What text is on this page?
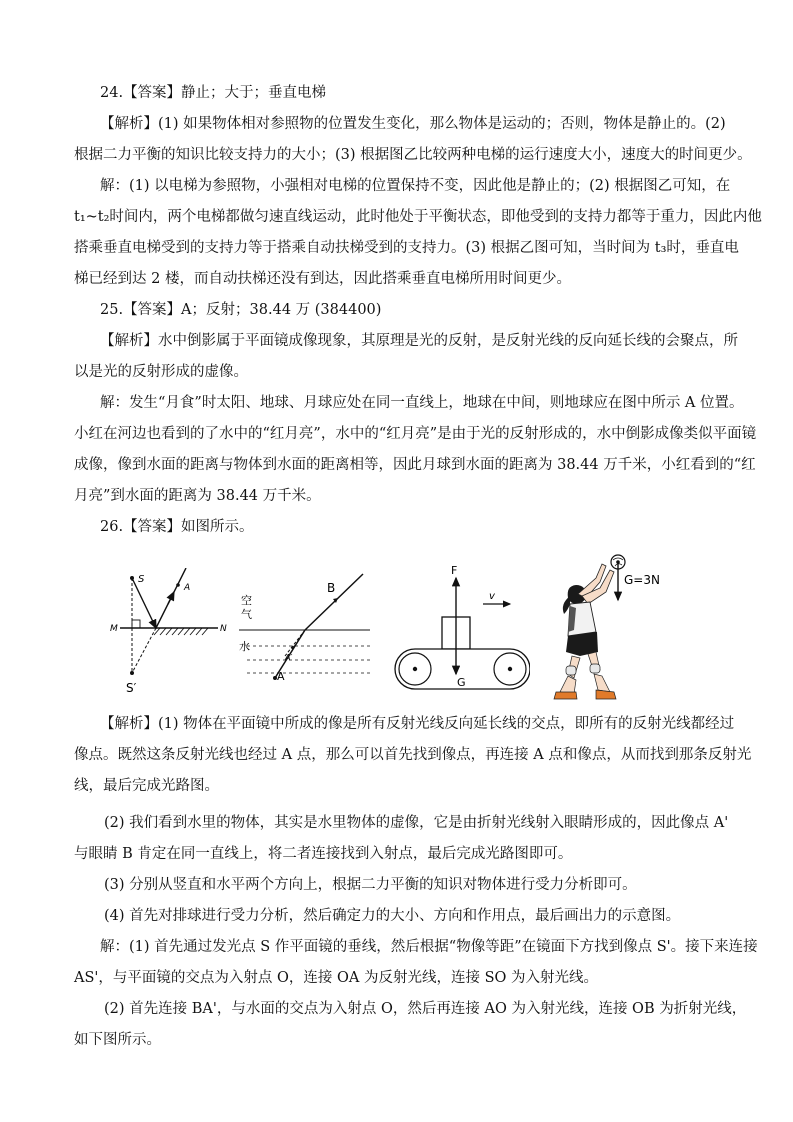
24.【答案】静止；大于；垂直电梯
【解析】(1) 如果物体相对参照物的位置发生变化，那么物体是运动的；否则，物体是静止的。(2)
根据二力平衡的知识比较支持力的大小；(3) 根据图乙比较两种电梯的运行速度大小，速度大的时间更少。
解：(1) 以电梯为参照物，小强相对电梯的位置保持不变，因此他是静止的；(2) 根据图乙可知，在
t₁~t₂时间内，两个电梯都做匀速直线运动，此时他处于平衡状态，即他受到的支持力都等于重力，因此内他
搭乘垂直电梯受到的支持力等于搭乘自动扶梯受到的支持力。(3) 根据乙图可知，当时间为 t₃时，垂直电
梯已经到达 2 楼，而自动扶梯还没有到达，因此搭乘垂直电梯所用时间更少。
25.【答案】A；反射；38.44 万 (384400)
【解析】水中倒影属于平面镜成像现象，其原理是光的反射，是反射光线的反向延长线的会聚点，所
以是光的反射形成的虚像。
解：发生“月食”时太阳、地球、月球应处在同一直线上，地球在中间，则地球应在图中所示 A 位置。
小红在河边也看到的了水中的“红月亮”，水中的“红月亮”是由于光的反射形成的，水中倒影成像类似平面镜
成像，像到水面的距离与物体到水面的距离相等，因此月球到水面的距离为 38.44 万千米，小红看到的“红
月亮”到水面的距离为 38.44 万千米。
26.【答案】如图所示。
S
A
M	N
S′
B
空
气
水
A′
A
F
v
G
G=3N
【解析】(1) 物体在平面镜中所成的像是所有反射光线反向延长线的交点，即所有的反射光线都经过
像点。既然这条反射光线也经过 A 点，那么可以首先找到像点，再连接 A 点和像点，从而找到那条反射光
线，最后完成光路图。
(2) 我们看到水里的物体，其实是水里物体的虚像，它是由折射光线射入眼睛形成的，因此像点 A'
与眼睛 B 肯定在同一直线上，将二者连接找到入射点，最后完成光路图即可。
(3) 分别从竖直和水平两个方向上，根据二力平衡的知识对物体进行受力分析即可。
(4) 首先对排球进行受力分析，然后确定力的大小、方向和作用点，最后画出力的示意图。
解：(1) 首先通过发光点 S 作平面镜的垂线，然后根据“物像等距”在镜面下方找到像点 S'。接下来连接
AS'，与平面镜的交点为入射点 O，连接 OA 为反射光线，连接 SO 为入射光线。
(2) 首先连接 BA'，与水面的交点为入射点 O，然后再连接 AO 为入射光线，连接 OB 为折射光线，
如下图所示。
